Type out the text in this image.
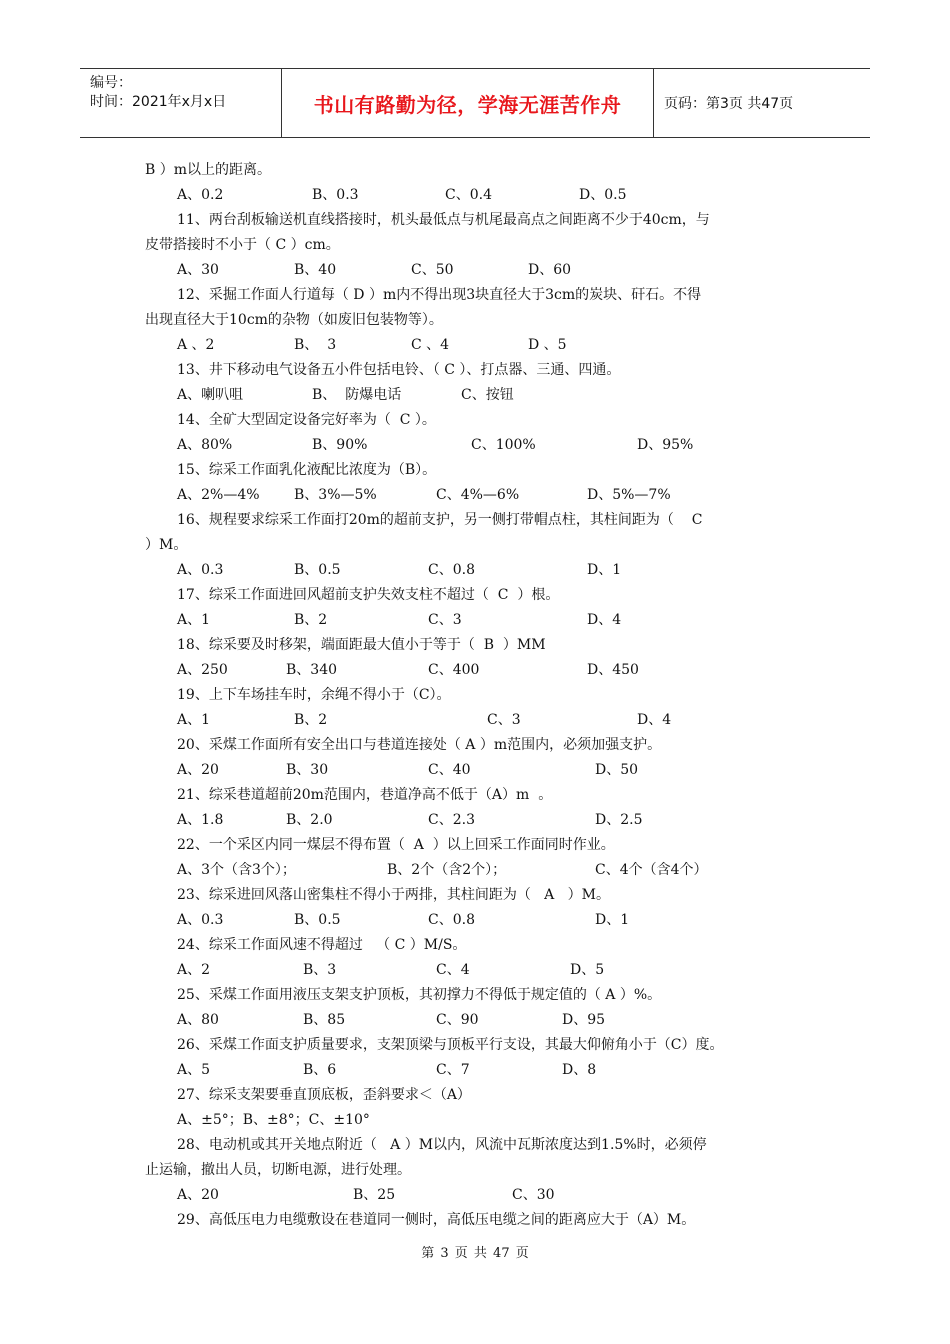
编号：
时间：2021年x月x日	书山有路勤为径，学海无涯苦作舟	页码：第3页 共47页
B ）m以上的距离。
A、0.2	B、0.3	C、0.4	D、0.5
11、两台刮板输送机直线搭接时，机头最低点与机尾最高点之间距离不少于40cm，与
皮带搭接时不小于（ C ）cm。
A、30	B、40	C、50	D、60
12、采掘工作面人行道每（ D ）m内不得出现3块直径大于3cm的炭块、矸石。不得
出现直径大于10cm的杂物（如废旧包装物等）。
A 、2	B、  3	C 、4	D 、5
13、井下移动电气设备五小件包括电铃、（ C ）、打点器、三通、四通。
A、喇叭咀	B、  防爆电话	C、按钮
14、全矿大型固定设备完好率为（  C ）。
A、80%	B、90%	C、100%	D、95%
15、综采工作面乳化液配比浓度为（B）。
A、2%—4% B、3%—5%	C、4%—6%	D、5%—7%
16、规程要求综采工作面打20m的超前支护，另一侧打带帽点柱，其柱间距为（    C
）M。
A、0.3	B、0.5	C、0.8	D、1
17、综采工作面进回风超前支护失效支柱不超过（  C  ）根。
A、1	B、2	C、3	D、4
18、综采要及时移架，端面距最大值小于等于（  B  ）MM
A、250	B、340	C、400	D、450
19、上下车场挂车时，余绳不得小于（C）。
A、1	B、2	C、3	D、4
20、采煤工作面所有安全出口与巷道连接处（ A ）m范围内，必须加强支护。
A、20	B、30	C、40	D、50
21、综采巷道超前20m范围内，巷道净高不低于（A）m  。
A、1.8	B、2.0	C、2.3	D、2.5
22、一个采区内同一煤层不得布置（  A  ）以上回采工作面同时作业。
A、3个（含3个）；	B、2个（含2个）；	C、4个（含4个）
23、综采进回风落山密集柱不得小于两排，其柱间距为（   A   ）M。
A、0.3	B、0.5	C、0.8	D、1
24、综采工作面风速不得超过   （ C ）M/S。
A、2	B、3	C、4	D、5
25、采煤工作面用液压支架支护顶板，其初撑力不得低于规定值的（ A ）%。
A、80	B、85	C、90	D、95
26、采煤工作面支护质量要求，支架顶梁与顶板平行支设，其最大仰俯角小于（C）度。
A、5	B、6	C、7	D、8
27、综采支架要垂直顶底板，歪斜要求＜（A）
A、±5°；B、±8°；C、±10°
28、电动机或其开关地点附近（   A ）M以内，风流中瓦斯浓度达到1.5%时，必须停
止运输，撤出人员，切断电源，进行处理。
A、20	B、25	C、30
29、高低压电力电缆敷设在巷道同一侧时，高低压电缆之间的距离应大于（A）M。
第 3 页 共 47 页
